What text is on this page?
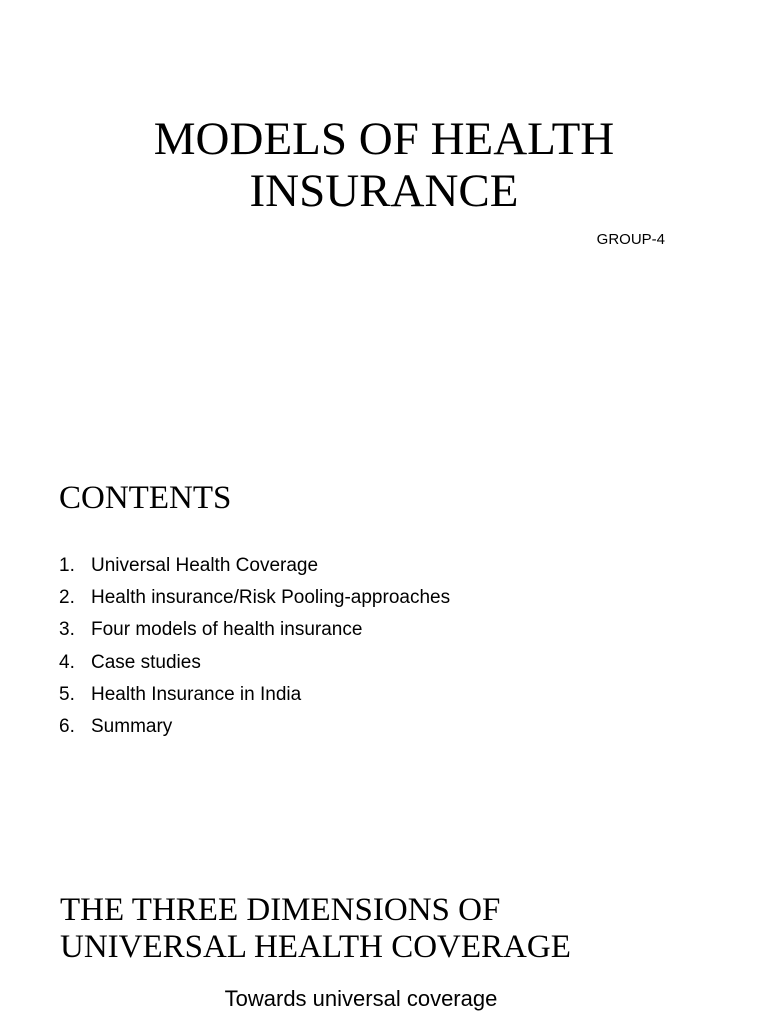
MODELS OF HEALTH
INSURANCE

GROUP-4

CONTENTS
1. Universal Health Coverage
2. Health insurance/Risk Pooling-approaches
3. Four models of health insurance
4. Case studies
5. Health Insurance in India
6. Summary
THE THREE DIMENSIONS OF
UNIVERSAL HEALTH COVERAGE

Towards universal coverage
